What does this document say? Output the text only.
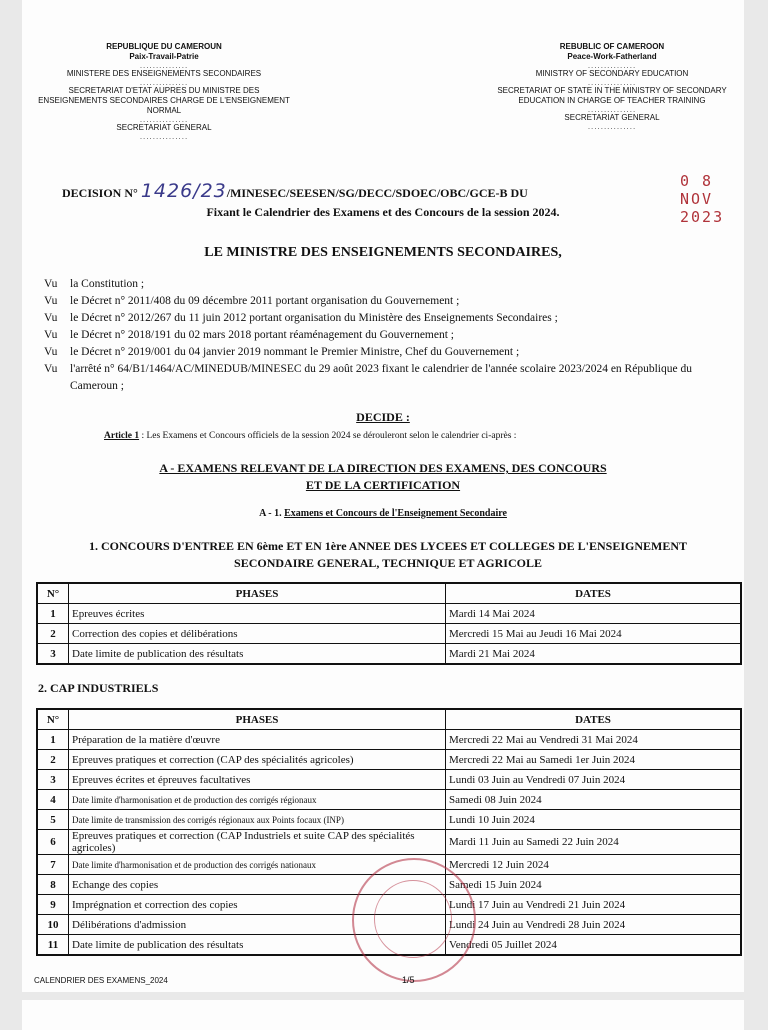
REPUBLIQUE DU CAMEROUN

Paix-Travail-Patrie

...............

MINISTERE DES ENSEIGNEMENTS SECONDAIRES

...............

SECRETARIAT D'ETAT AUPRES DU MINISTRE DES ENSEIGNEMENTS SECONDAIRES CHARGE DE L'ENSEIGNEMENT NORMAL

...............

SECRETARIAT GENERAL

...............

REBUBLIC OF CAMEROON

Peace-Work-Fatherland

...............

MINISTRY OF SECONDARY EDUCATION

...............

SECRETARIAT OF STATE IN THE MINISTRY OF SECONDARY EDUCATION IN CHARGE OF TEACHER TRAINING

...............

SECRETARIAT GENERAL

...............

DECISION N° 1426/23/MINESEC/SEESEN/SG/DECC/SDOEC/OBC/GCE-B DU
0 8 NOV 2023
Fixant le Calendrier des Examens et des Concours de la session 2024.
LE MINISTRE DES ENSEIGNEMENTS SECONDAIRES,
Vu	la Constitution ;
Vu	le Décret n° 2011/408 du 09 décembre 2011 portant organisation du Gouvernement ;
Vu	le Décret n° 2012/267 du 11 juin 2012 portant organisation du Ministère des Enseignements Secondaires ;
Vu	le Décret n° 2018/191 du 02 mars 2018 portant réaménagement du Gouvernement ;
Vu	le Décret n° 2019/001 du 04 janvier 2019 nommant le Premier Ministre, Chef du Gouvernement ;
Vu	l'arrêté n° 64/B1/1464/AC/MINEDUB/MINESEC du 29 août 2023 fixant le calendrier de l'année scolaire 2023/2024 en République du Cameroun ;
DECIDE :
Article 1 : Les Examens et Concours officiels de la session 2024 se dérouleront selon le calendrier ci-après :
A - EXAMENS RELEVANT DE LA DIRECTION DES EXAMENS, DES CONCOURS
ET DE LA CERTIFICATION
A - 1. Examens et Concours de l'Enseignement Secondaire
1. CONCOURS D'ENTREE EN 6ème ET EN 1ère ANNEE DES LYCEES ET COLLEGES DE L'ENSEIGNEMENT
SECONDAIRE GENERAL, TECHNIQUE ET AGRICOLE
N°	PHASES	DATES
1	Epreuves écrites	Mardi 14 Mai 2024
2	Correction des copies et délibérations	Mercredi 15 Mai au Jeudi 16 Mai 2024
3	Date limite de publication des résultats	Mardi 21 Mai 2024
2. CAP INDUSTRIELS
N°	PHASES	DATES
1	Préparation de la matière d'œuvre	Mercredi 22 Mai au Vendredi 31 Mai 2024
2	Epreuves pratiques et correction (CAP des spécialités agricoles)	Mercredi 22 Mai au Samedi 1er Juin 2024
3	Epreuves écrites et épreuves facultatives	Lundi 03 Juin au Vendredi 07 Juin 2024
4	Date limite d'harmonisation et de production des corrigés régionaux	Samedi 08 Juin 2024
5	Date limite de transmission des corrigés régionaux aux Points focaux (INP)	Lundi 10 Juin 2024
6	Epreuves pratiques et correction (CAP Industriels et suite CAP des spécialités agricoles)	Mardi 11 Juin au Samedi 22 Juin 2024
7	Date limite d'harmonisation et de production des corrigés nationaux	Mercredi 12 Juin 2024
8	Echange des copies	Samedi 15 Juin 2024
9	Imprégnation et correction des copies	Lundi 17 Juin au Vendredi 21 Juin 2024
10	Délibérations d'admission	Lundi 24 Juin au Vendredi 28 Juin 2024
11	Date limite de publication des résultats	Vendredi 05 Juillet 2024
CALENDRIER DES EXAMENS_2024	1/5
